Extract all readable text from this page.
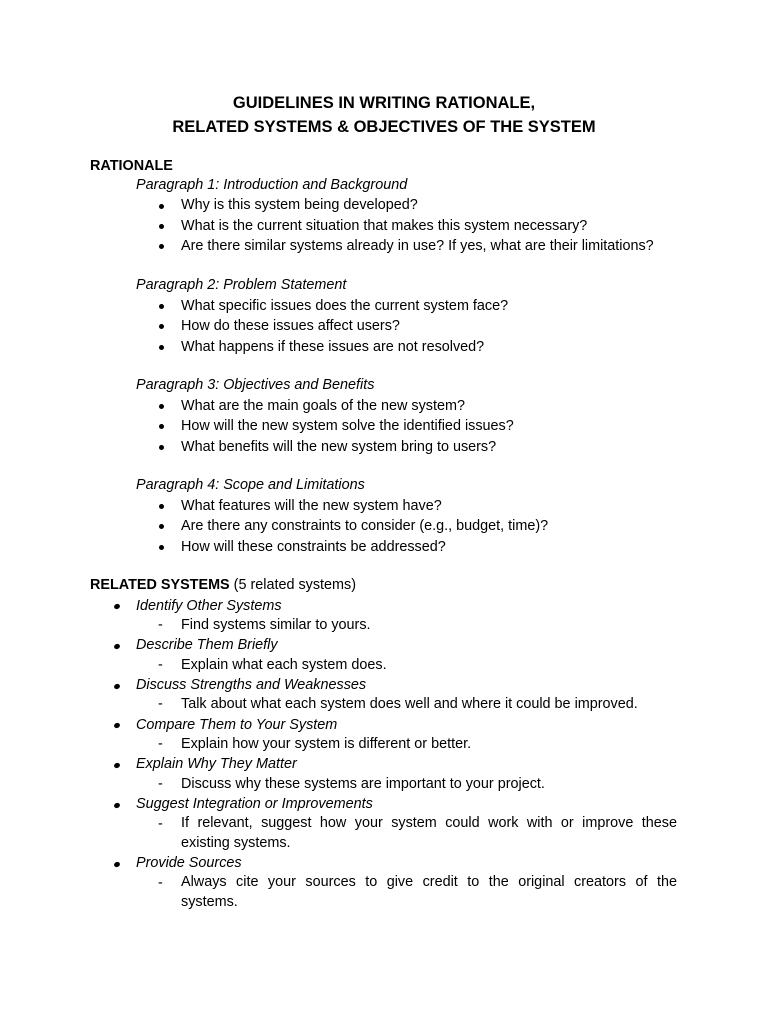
GUIDELINES IN WRITING RATIONALE,
RELATED SYSTEMS & OBJECTIVES OF THE SYSTEM
RATIONALE
Paragraph 1: Introduction and Background
Why is this system being developed?
What is the current situation that makes this system necessary?
Are there similar systems already in use? If yes, what are their limitations?
Paragraph 2: Problem Statement
What specific issues does the current system face?
How do these issues affect users?
What happens if these issues are not resolved?
Paragraph 3: Objectives and Benefits
What are the main goals of the new system?
How will the new system solve the identified issues?
What benefits will the new system bring to users?
Paragraph 4: Scope and Limitations
What features will the new system have?
Are there any constraints to consider (e.g., budget, time)?
How will these constraints be addressed?
RELATED SYSTEMS (5 related systems)
Identify Other Systems
- Find systems similar to yours.
Describe Them Briefly
- Explain what each system does.
Discuss Strengths and Weaknesses
- Talk about what each system does well and where it could be improved.
Compare Them to Your System
- Explain how your system is different or better.
Explain Why They Matter
- Discuss why these systems are important to your project.
Suggest Integration or Improvements
- If relevant, suggest how your system could work with or improve these
existing systems.
Provide Sources
- Always cite your sources to give credit to the original creators of the
systems.
